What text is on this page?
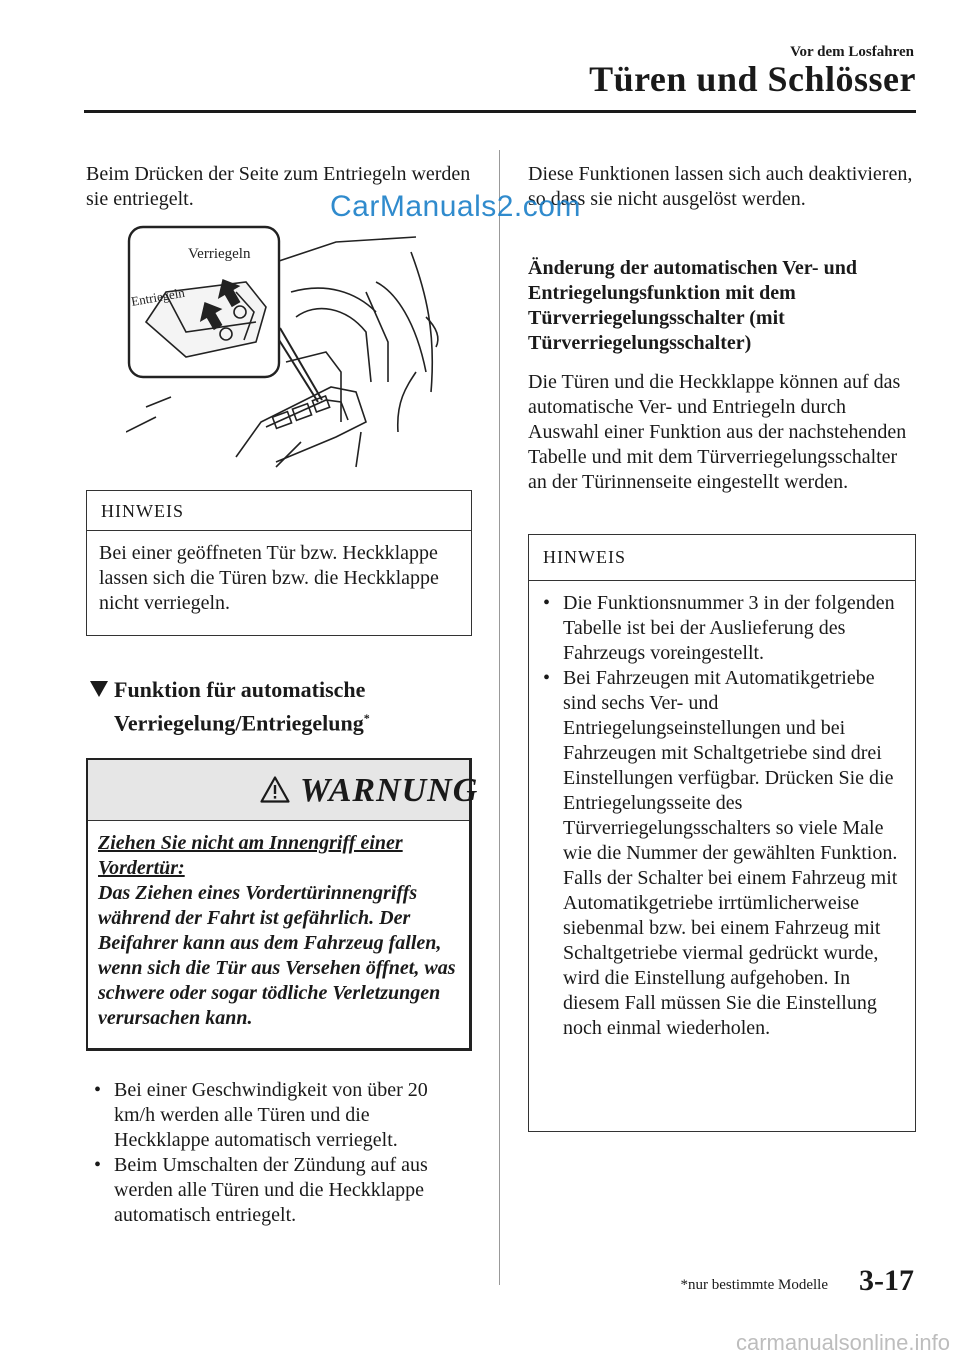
Vor dem Losfahren
Türen und Schlösser

Beim Drücken der Seite zum Entriegeln werden sie entriegelt.

Verriegeln
Entriegeln
HINWEIS
Bei einer geöffneten Tür bzw. Heckklappe lassen sich die Türen bzw. die Heckklappe nicht verriegeln.
Funktion für automatische
Verriegelung/Entriegelung*
WARNUNG
Ziehen Sie nicht am Innengriff einer
Vordertür:
Das Ziehen eines Vordertürinnengriffs während der Fahrt ist gefährlich. Der Beifahrer kann aus dem Fahrzeug fallen, wenn sich die Tür aus Versehen öffnet, was schwere oder sogar tödliche Verletzungen verursachen kann.
• Bei einer Geschwindigkeit von über 20 km/h werden alle Türen und die Heckklappe automatisch verriegelt.
• Beim Umschalten der Zündung auf aus werden alle Türen und die Heckklappe automatisch entriegelt.

Diese Funktionen lassen sich auch deaktivieren, so dass sie nicht ausgelöst werden.

Änderung der automatischen Ver- und Entriegelungsfunktion mit dem Türverriegelungsschalter (mit Türverriegelungsschalter)

Die Türen und die Heckklappe können auf das automatische Ver- und Entriegeln durch Auswahl einer Funktion aus der nachstehenden Tabelle und mit dem Türverriegelungsschalter an der Türinnenseite eingestellt werden.

HINWEIS
• Die Funktionsnummer 3 in der folgenden Tabelle ist bei der Auslieferung des Fahrzeugs voreingestellt.
• Bei Fahrzeugen mit Automatikgetriebe sind sechs Ver- und Entriegelungseinstellungen und bei Fahrzeugen mit Schaltgetriebe sind drei Einstellungen verfügbar. Drücken Sie die Entriegelungsseite des Türverriegelungsschalters so viele Male wie die Nummer der gewählten Funktion. Falls der Schalter bei einem Fahrzeug mit Automatikgetriebe irrtümlicherweise siebenmal bzw. bei einem Fahrzeug mit Schaltgetriebe viermal gedrückt wurde, wird die Einstellung aufgehoben. In diesem Fall müssen Sie die Einstellung noch einmal wiederholen.
*nur bestimmte Modelle 3-17
CarManuals2.com
carmanualsonline.info
